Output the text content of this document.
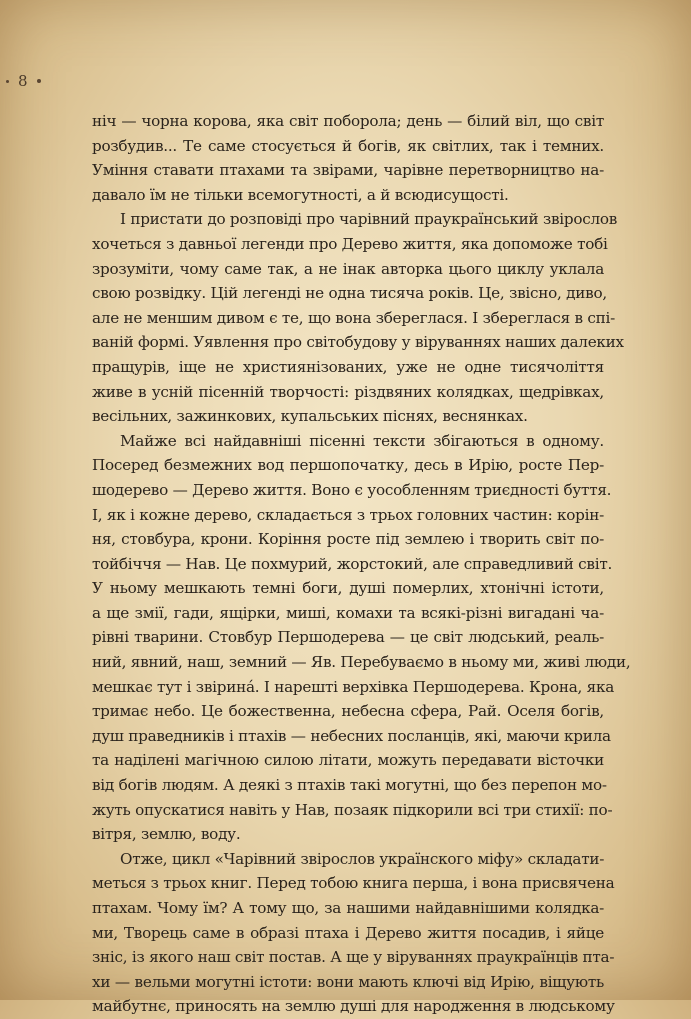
8
ніч — чорна корова, яка світ поборола; день — білий віл, що світ
розбудив... Те саме стосується й богів, як світлих, так і темних.
Уміння ставати птахами та звірами, чарівне перетворництво на-
давало їм не тільки всемогутності, а й всюдисущості.
І пристати до розповіді про чарівний праукраїнський звірослов
хочеться з давньої легенди про Дерево життя, яка допоможе тобі
зрозуміти, чому саме так, а не інак авторка цього циклу уклала
свою розвідку. Цій легенді не одна тисяча років. Це, звісно, диво,
але не меншим дивом є те, що вона збереглася. І збереглася в спі-
ваній формі. Уявлення про світобудову у віруваннях наших далеких
пращурів, іще не християнізованих, уже не одне тисячоліття
живе в усній пісенній творчості: різдвяних колядках, щедрівках,
весільних, зажинкових, купальських піснях, веснянках.
Майже всі найдавніші пісенні тексти збігаються в одному.
Посеред безмежних вод першопочатку, десь в Ирію, росте Пер-
шодерево — Дерево життя. Воно є уособленням триєдності буття.
І, як і кожне дерево, складається з трьох головних частин: корін-
ня, стовбура, крони. Коріння росте під землею і творить світ по-
тойбіччя — Нав. Це похмурий, жорстокий, але справедливий світ.
У ньому мешкають темні боги, душі померлих, хтонічні істоти,
а ще змії, гади, ящірки, миші, комахи та всякі-різні вигадані ча-
рівні тварини. Стовбур Першодерева — це світ людський, реаль-
ний, явний, наш, земний — Яв. Перебуваємо в ньому ми, живі люди,
мешкає тут і звірина́. І нарешті верхівка Першодерева. Крона, яка
тримає небо. Це божественна, небесна сфера, Рай. Оселя богів,
душ праведників і птахів — небесних посланців, які, маючи крила
та наділені магічною силою літати, можуть передавати вісточки
від богів людям. А деякі з птахів такі могутні, що без перепон мо-
жуть опускатися навіть у Нав, позаяк підкорили всі три стихії: по-
вітря, землю, воду.
Отже, цикл «Чарівний звірослов українского міфу» складати-
меться з трьох книг. Перед тобою книга перша, і вона присвячена
птахам. Чому їм? А тому що, за нашими найдавнішими колядка-
ми, Творець саме в образі птаха і Дерево життя посадив, і яйце
зніс, із якого наш світ постав. А ще у віруваннях праукраїнців пта-
хи — вельми могутні істоти: вони мають ключі від Ирію, віщують
майбутнє, приносять на землю душі для народження в людському
